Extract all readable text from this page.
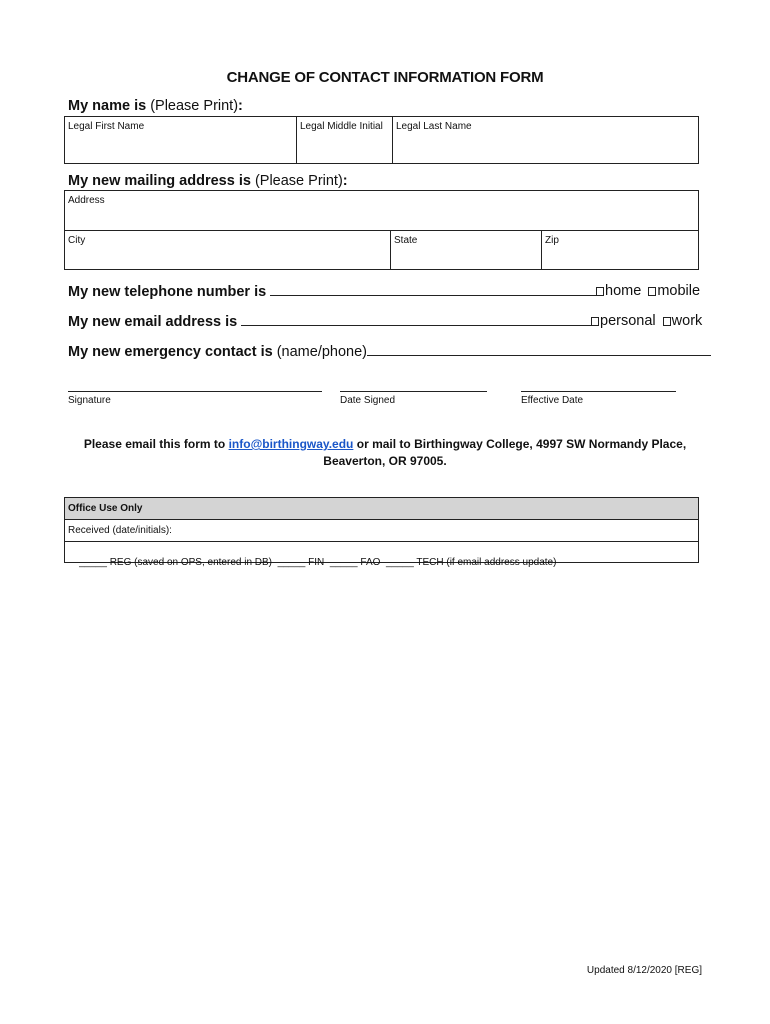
CHANGE OF CONTACT INFORMATION FORM
My name is (Please Print):
Legal First Name	Legal Middle Initial	Legal Last Name
My new mailing address is (Please Print):
Address
City	State	Zip
My new telephone number is	home mobile
My new email address is	personal work
My new emergency contact is (name/phone)
Signature	Date Signed	Effective Date
Please email this form to info@birthingway.edu or mail to Birthingway College, 4997 SW Normandy Place,
Beaverton, OR 97005.
Office Use Only
Received (date/initials):

_____ REG (saved on OPS, entered in DB)  _____ FIN  _____ FAO  _____ TECH (if email address update)

Updated 8/12/2020 [REG]
